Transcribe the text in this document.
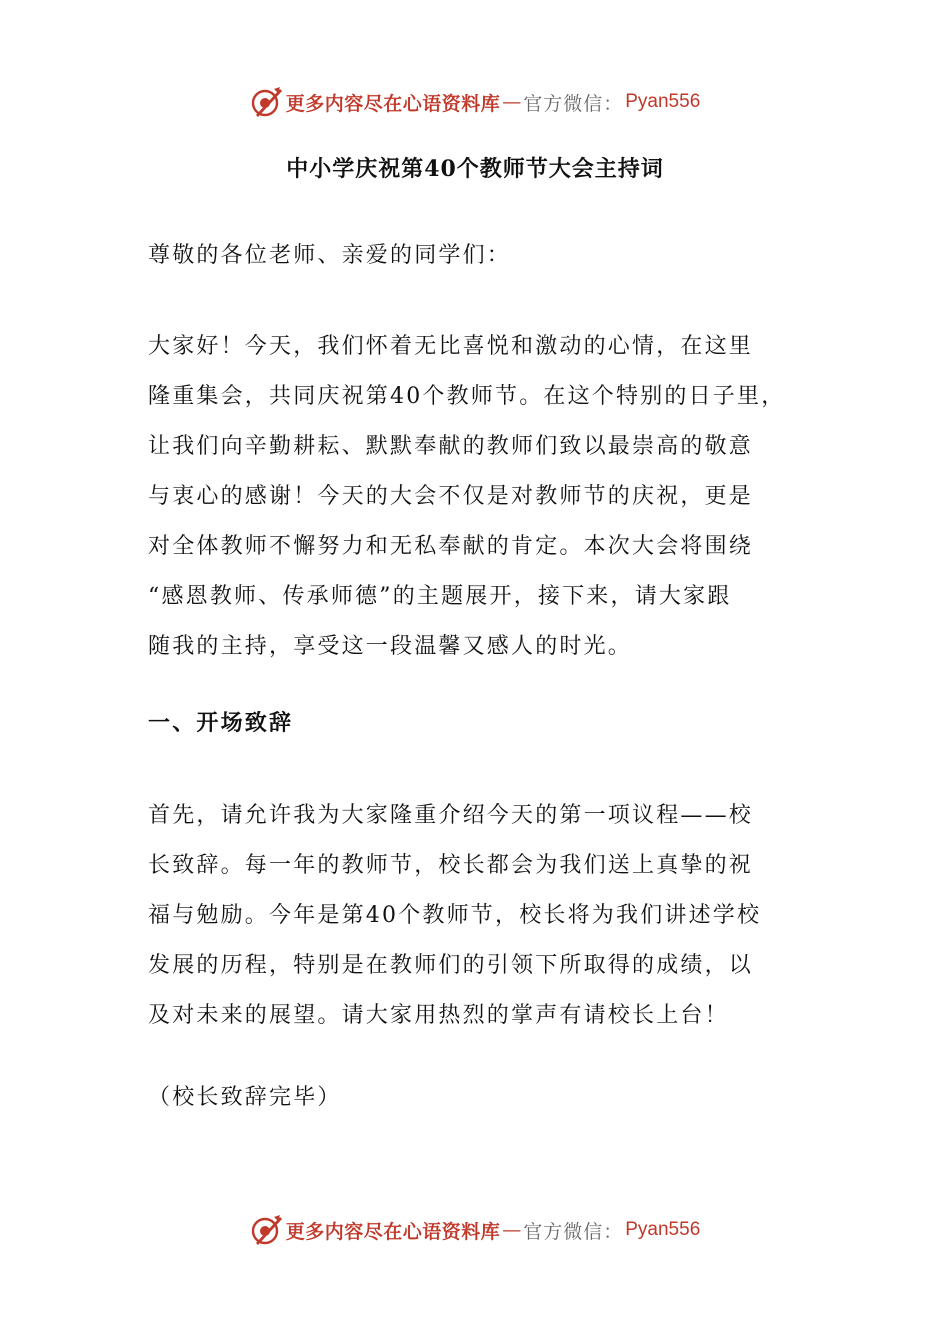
更多内容尽在心语资料库 — 官方微信： Pyan556
中小学庆祝第40个教师节大会主持词
尊敬的各位老师、亲爱的同学们：
大家好！今天，我们怀着无比喜悦和激动的心情，在这里
隆重集会，共同庆祝第40个教师节。在这个特别的日子里，
让我们向辛勤耕耘、默默奉献的教师们致以最崇高的敬意
与衷心的感谢！今天的大会不仅是对教师节的庆祝，更是
对全体教师不懈努力和无私奉献的肯定。本次大会将围绕
“感恩教师、传承师德”的主题展开，接下来，请大家跟
随我的主持，享受这一段温馨又感人的时光。
一、开场致辞
首先，请允许我为大家隆重介绍今天的第一项议程——校
长致辞。每一年的教师节，校长都会为我们送上真挚的祝
福与勉励。今年是第40个教师节，校长将为我们讲述学校
发展的历程，特别是在教师们的引领下所取得的成绩，以
及对未来的展望。请大家用热烈的掌声有请校长上台！
（校长致辞完毕）
更多内容尽在心语资料库 — 官方微信： Pyan556
